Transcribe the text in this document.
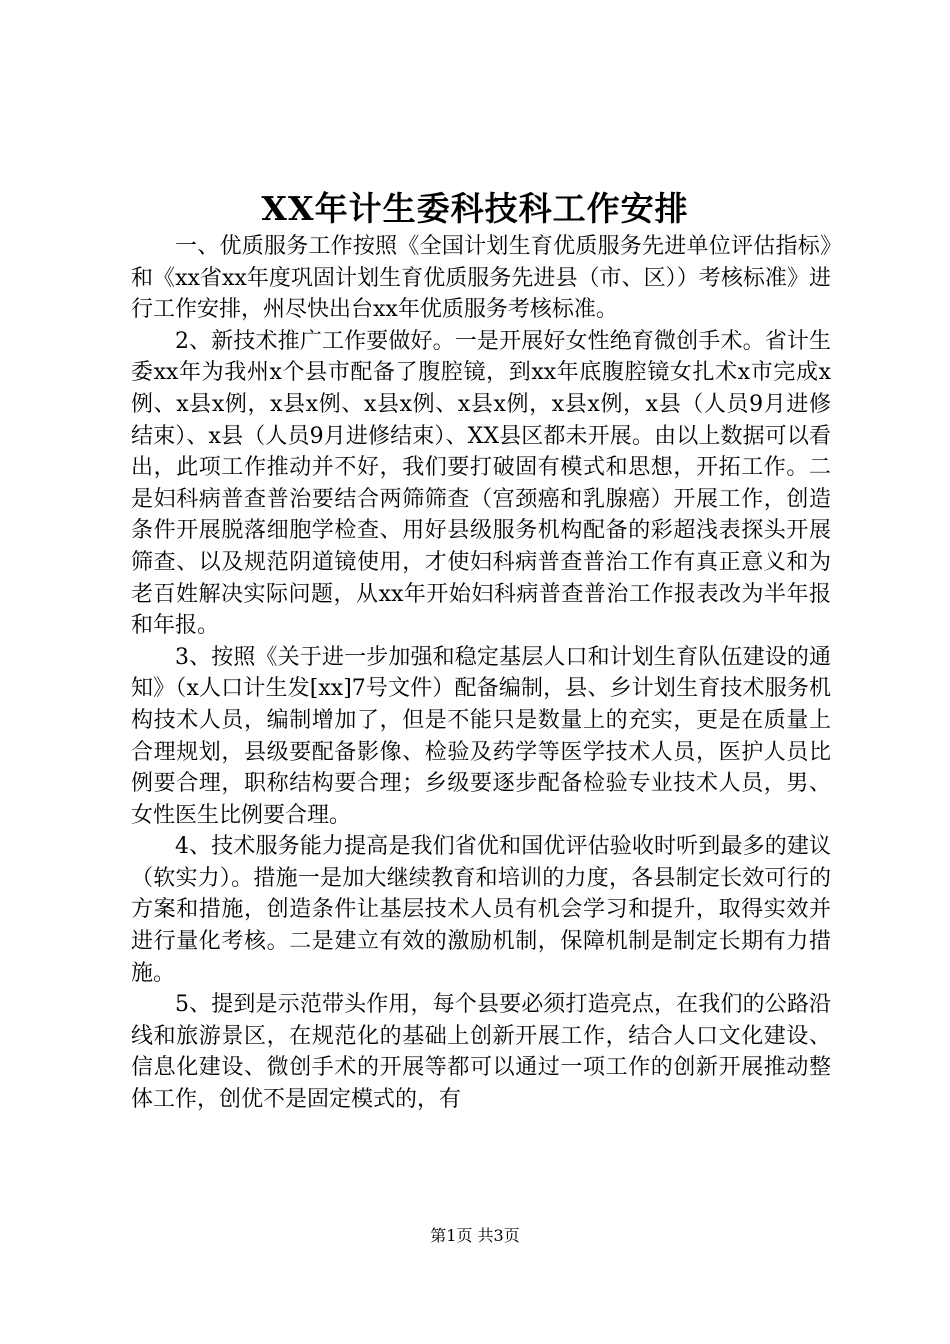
XX年计生委科技科工作安排

一、优质服务工作按照《全国计划生育优质服务先进单位评估指标》和《xx省xx年度巩固计划生育优质服务先进县（市、区））考核标准》进行工作安排，州尽快出台xx年优质服务考核标准。

2、新技术推广工作要做好。一是开展好女性绝育微创手术。省计生委xx年为我州x个县市配备了腹腔镜，到xx年底腹腔镜女扎术x市完成x例、x县x例，x县x例、x县x例、x县x例，x县x例，x县（人员9月进修结束）、x县（人员9月进修结束）、XX县区都未开展。由以上数据可以看出，此项工作推动并不好，我们要打破固有模式和思想，开拓工作。二是妇科病普查普治要结合两筛筛查（宫颈癌和乳腺癌）开展工作，创造条件开展脱落细胞学检查、用好县级服务机构配备的彩超浅表探头开展筛查、以及规范阴道镜使用，才使妇科病普查普治工作有真正意义和为老百姓解决实际问题，从xx年开始妇科病普查普治工作报表改为半年报和年报。

3、按照《关于进一步加强和稳定基层人口和计划生育队伍建设的通知》（x人口计生发[xx]7号文件）配备编制，县、乡计划生育技术服务机构技术人员，编制增加了，但是不能只是数量上的充实，更是在质量上合理规划，县级要配备影像、检验及药学等医学技术人员，医护人员比例要合理，职称结构要合理；乡级要逐步配备检验专业技术人员，男、女性医生比例要合理。

4、技术服务能力提高是我们省优和国优评估验收时听到最多的建议（软实力）。措施一是加大继续教育和培训的力度，各县制定长效可行的方案和措施，创造条件让基层技术人员有机会学习和提升，取得实效并进行量化考核。二是建立有效的激励机制，保障机制是制定长期有力措施。

5、提到是示范带头作用，每个县要必须打造亮点，在我们的公路沿线和旅游景区，在规范化的基础上创新开展工作，结合人口文化建设、信息化建设、微创手术的开展等都可以通过一项工作的创新开展推动整体工作，创优不是固定模式的，有

第1页 共3页
